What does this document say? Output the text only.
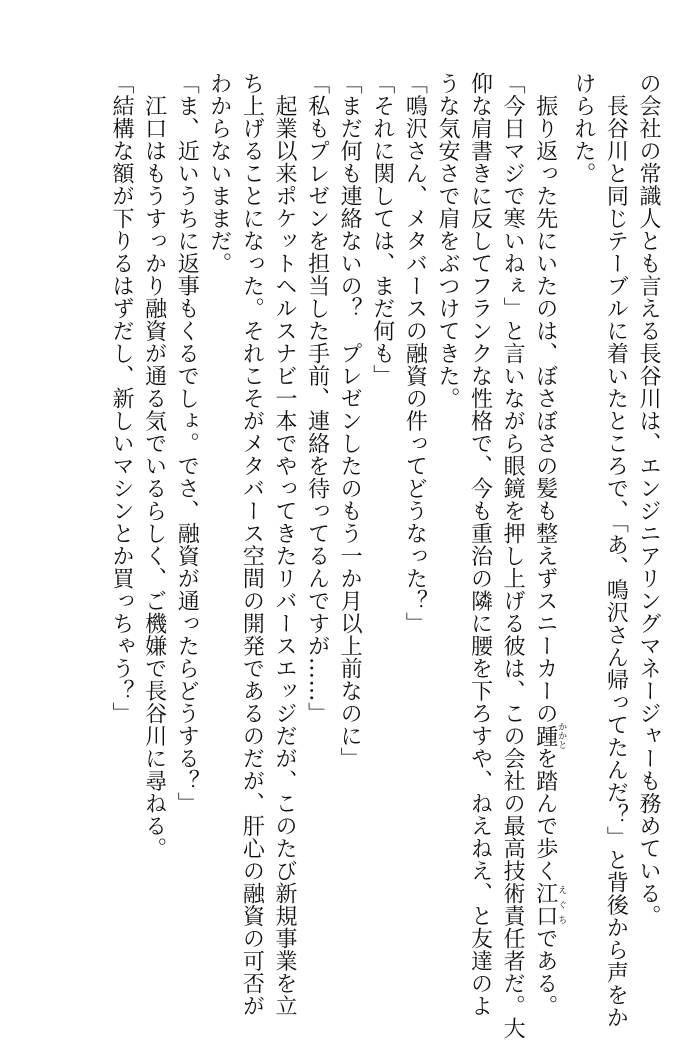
の会社の常識人とも言える長谷川は、エンジニアリングマネージャーも務めている。
　長谷川と同じテーブルに着いたところで、「あ、鳴沢さん帰ってたんだ？」と背後から声をか
けられた。
　振り返った先にいたのは、ぼさぼさの髪も整えずスニーカーの踵かかとを踏んで歩く江口えぐちである。
「今日マジで寒いねぇ」と言いながら眼鏡を押し上げる彼は、この会社の最高技術責任者だ。大
仰な肩書きに反してフランクな性格で、今も重治の隣に腰を下ろすや、ねえねえ、と友達のよ
うな気安さで肩をぶつけてきた。
「鳴沢さん、メタバースの融資の件ってどうなった？」
「それに関しては、まだ何も」
「まだ何も連絡ないの？　プレゼンしたのもう一か月以上前なのに」
「私もプレゼンを担当した手前、連絡を待ってるんですが……」
　起業以来ポケットヘルスナビ一本でやってきたリバースエッジだが、このたび新規事業を立
ち上げることになった。それこそがメタバース空間の開発であるのだが、肝心の融資の可否が
わからないままだ。
「ま、近いうちに返事もくるでしょ。でさ、融資が通ったらどうする？」
　江口はもうすっかり融資が通る気でいるらしく、ご機嫌で長谷川に尋ねる。
「結構な額が下りるはずだし、新しいマシンとか買っちゃう？」
